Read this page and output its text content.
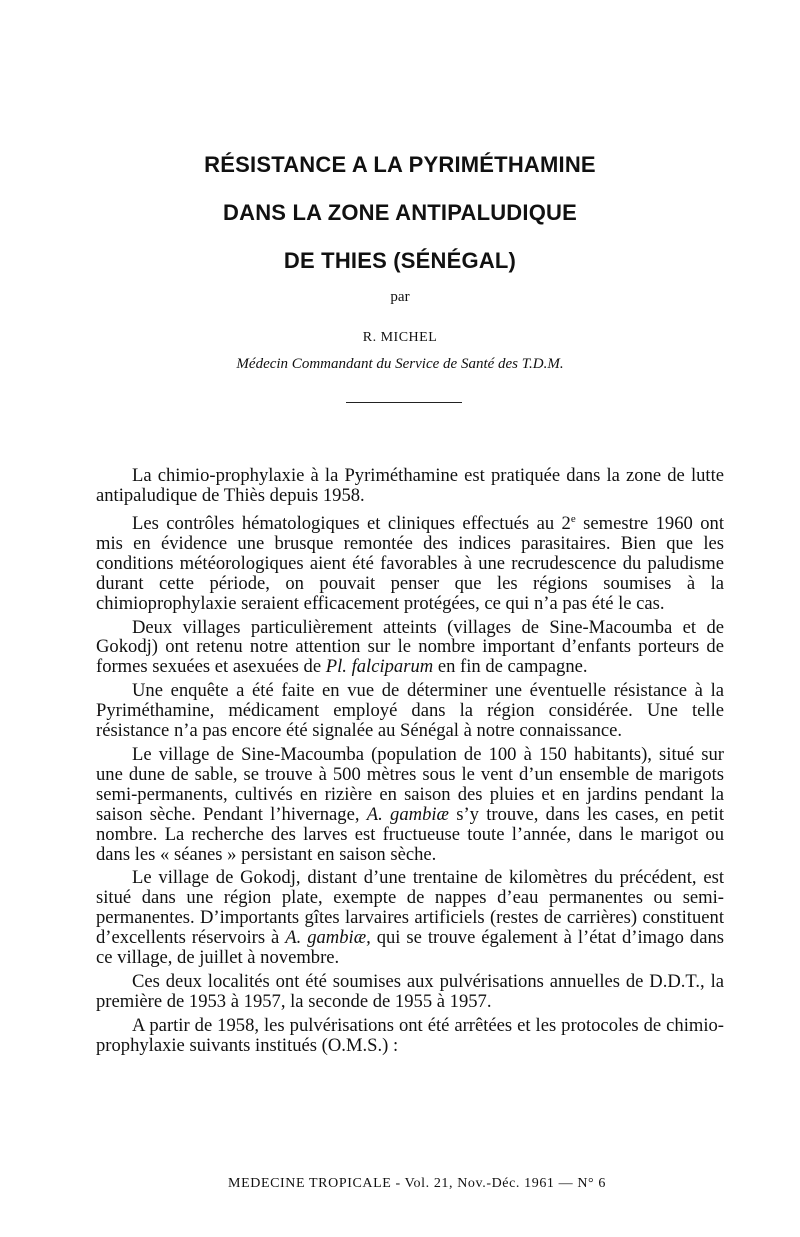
RÉSISTANCE A LA PYRIMÉTHAMINE
DANS LA ZONE ANTIPALUDIQUE
DE THIES (SÉNÉGAL)
par
R. MICHEL
Médecin Commandant du Service de Santé des T.D.M.

La chimio-prophylaxie à la Pyriméthamine est pratiquée dans la zone de lutte antipaludique de Thiès depuis 1958.

Les contrôles hématologiques et cliniques effectués au 2e semestre 1960 ont mis en évidence une brusque remontée des indices parasitaires. Bien que les conditions météorologiques aient été favorables à une recrudescence du paludisme durant cette période, on pouvait penser que les régions soumises à la chimioprophylaxie seraient efficacement protégées, ce qui n’a pas été le cas.

Deux villages particulièrement atteints (villages de Sine-Macoumba et de Gokodj) ont retenu notre attention sur le nombre important d’enfants porteurs de formes sexuées et asexuées de Pl. falciparum en fin de campagne.

Une enquête a été faite en vue de déterminer une éventuelle résistance à la Pyriméthamine, médicament employé dans la région considérée. Une telle résistance n’a pas encore été signalée au Sénégal à notre connaissance.

Le village de Sine-Macoumba (population de 100 à 150 habitants), situé sur une dune de sable, se trouve à 500 mètres sous le vent d’un ensemble de marigots semi-permanents, cultivés en rizière en saison des pluies et en jardins pendant la saison sèche. Pendant l’hivernage, A. gambiæ s’y trouve, dans les cases, en petit nombre. La recherche des larves est fructueuse toute l’année, dans le marigot ou dans les « séanes » persistant en saison sèche.

Le village de Gokodj, distant d’une trentaine de kilomètres du précédent, est situé dans une région plate, exempte de nappes d’eau permanentes ou semi-permanentes. D’importants gîtes larvaires artificiels (restes de carrières) constituent d’excellents réservoirs à A. gambiæ, qui se trouve également à l’état d’imago dans ce village, de juillet à novembre.

Ces deux localités ont été soumises aux pulvérisations annuelles de D.D.T., la première de 1953 à 1957, la seconde de 1955 à 1957.

A partir de 1958, les pulvérisations ont été arrêtées et les protocoles de chimio-prophylaxie suivants institués (O.M.S.) :

MEDECINE TROPICALE - Vol. 21, Nov.-Déc. 1961 — N° 6
